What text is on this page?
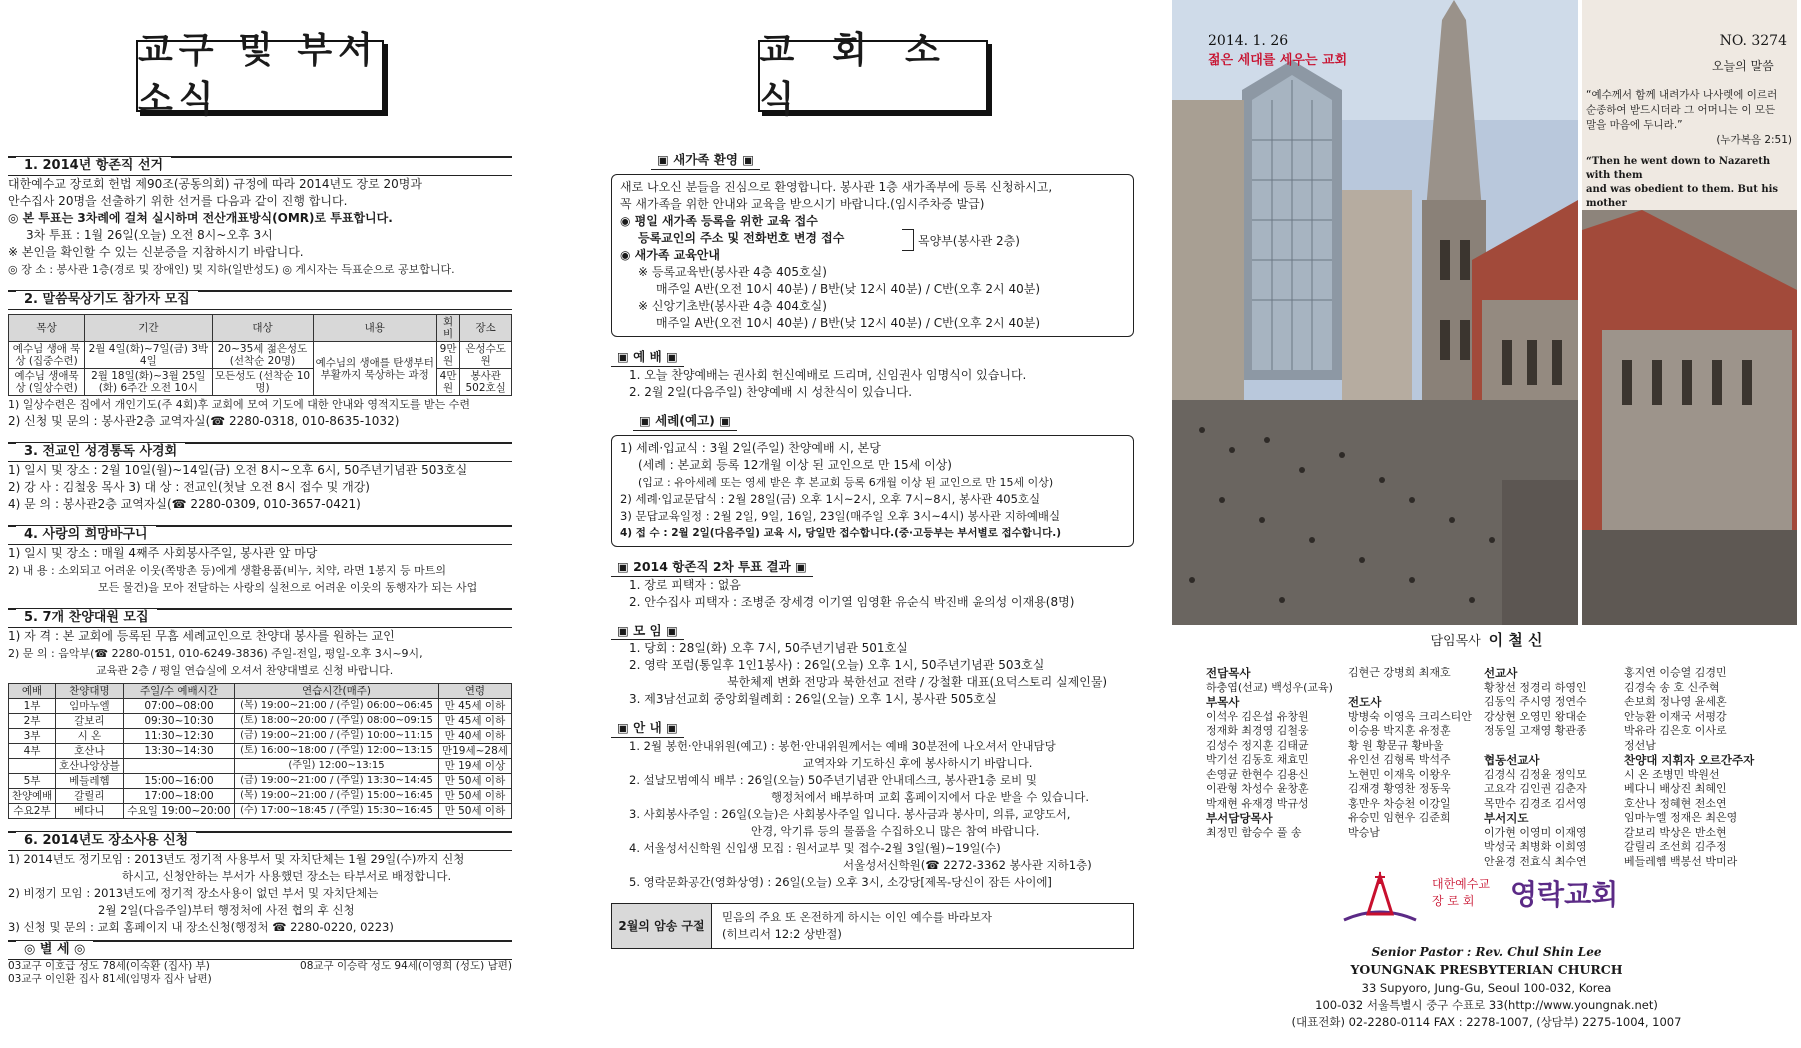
교구 및 부서소식
1. 2014년 항존직 선거
대한예수교 장로회 헌법 제90조(공동의회) 규정에 따라 2014년도 장로 20명과
안수집사 20명을 선출하기 위한 선거를 다음과 같이 진행 합니다.
◎ 본 투표는 3차례에 걸쳐 실시하며 전산개표방식(OMR)로 투표합니다.
3차 투표 : 1월 26일(오늘) 오전 8시~오후 3시
※ 본인을 확인할 수 있는 신분증을 지참하시기 바랍니다.
◎ 장 소 : 봉사관 1층(경로 및 장애인) 및 지하(일반성도) ◎ 게시자는 득표순으로 공보합니다.
2. 말씀묵상기도 참가자 모집
목상	기간	대상	내용	회비	장소
예수님 생애 묵상 (집중수련)	2월 4일(화)~7일(금) 3박 4일	20~35세 젊은성도 (선착순 20명)	예수님의 생애를 탄생부터 부활까지 묵상하는 과정	9만원	은성수도원
예수님 생애묵상 (일상수련)	2월 18일(화)~3월 25일(화) 6주간 오전 10시	모든성도 (선착순 10명)		4만원	봉사관 502호실
1) 일상수련은 집에서 개인기도(주 4회)후 교회에 모여 기도에 대한 안내와 영적지도를 받는 수련
2) 신청 및 문의 : 봉사관2층 교역자실(☎ 2280-0318, 010-8635-1032)
3. 전교인 성경통독 사경회
1) 일시 및 장소 : 2월 10일(월)~14일(금) 오전 8시~오후 6시, 50주년기념관 503호실
2) 강 사 : 김철웅 목사 3) 대 상 : 전교인(첫날 오전 8시 접수 및 개강)
4) 문 의 : 봉사관2층 교역자실(☎ 2280-0309, 010-3657-0421)
4. 사랑의 희망바구니
1) 일시 및 장소 : 매월 4째주 사회봉사주일, 봉사관 앞 마당
2) 내 용 : 소외되고 어려운 이웃(쪽방촌 등)에게 생활용품(비누, 치약, 라면 1봉지 등 마트의
모든 물건)을 모아 전달하는 사랑의 실천으로 어려운 이웃의 동행자가 되는 사업
5. 7개 찬양대원 모집
1) 자 격 : 본 교회에 등록된 무흠 세례교인으로 찬양대 봉사를 원하는 교인
2) 문 의 : 음악부(☎ 2280-0151, 010-6249-3836) 주일-전일, 평일-오후 3시~9시,
교육관 2층 / 평일 연습실에 오셔서 찬양대별로 신청 바랍니다.
예배	찬양대명	주일/수 예배시간	연습시간(매주)	연령
1부	임마누엘	07:00~08:00	(목) 19:00~21:00 / (주일) 06:00~06:45	만 45세 이하
2부	갈보리	09:30~10:30	(토) 18:00~20:00 / (주일) 08:00~09:15	만 45세 이하
3부	시 온	11:30~12:30	(금) 19:00~21:00 / (주일) 10:00~11:15	만 40세 이하
4부	호산나	13:30~14:30	(토) 16:00~18:00 / (주일) 12:00~13:15	만19세~28세
	호산나앙상블		(주일) 12:00~13:15	만 19세 이상
5부	베들레헴	15:00~16:00	(금) 19:00~21:00 / (주일) 13:30~14:45	만 50세 이하
찬양예배	갈릴리	17:00~18:00	(목) 19:00~21:00 / (주일) 15:00~16:45	만 50세 이하
수요2부	베다니	수요일 19:00~20:00	(수) 17:00~18:45 / (주일) 15:30~16:45	만 50세 이하
6. 2014년도 장소사용 신청
1) 2014년도 정기모임 : 2013년도 정기적 사용부서 및 자치단체는 1월 29일(수)까지 신청
하시고, 신청안하는 부서가 사용했던 장소는 타부서로 배정합니다.
2) 비정기 모임 : 2013년도에 정기적 장소사용이 없던 부서 및 자치단체는
2월 2일(다음주일)부터 행정처에 사전 협의 후 신청
3) 신청 및 문의 : 교회 홈페이지 내 장소신청(행정처 ☎ 2280-0220, 0223)
◎ 별 세 ◎
03교구 이호급 성도 78세(이숙환 (집사) 부)
03교구 이인환 집사 81세(임명자 집사 남편)
08교구 이승락 성도 94세(이영희 (성도) 남편)
교회소식
▣ 새가족 환영 ▣
새로 나오신 분들을 진심으로 환영합니다. 봉사관 1층 새가족부에 등록 신청하시고,
꼭 새가족을 위한 안내와 교육을 받으시기 바랍니다.(임시주차증 발급)
◉ 평일 새가족 등록을 위한 교육 접수
등록교인의 주소 및 전화번호 변경 접수
◉ 새가족 교육안내
※ 등록교육반(봉사관 4층 405호실)
매주일 A반(오전 10시 40분) / B반(낮 12시 40분) / C반(오후 2시 40분)
※ 신앙기초반(봉사관 4층 404호실)
매주일 A반(오전 10시 40분) / B반(낮 12시 40분) / C반(오후 2시 40분)
목양부(봉사관 2층)
▣ 예 배 ▣
1. 오늘 찬양예배는 권사회 헌신예배로 드리며, 신임권사 임명식이 있습니다.
2. 2월 2일(다음주일) 찬양예배 시 성찬식이 있습니다.
▣ 세례(예고) ▣
1) 세례·입교식 : 3월 2일(주일) 찬양예배 시, 본당
(세례 : 본교회 등록 12개월 이상 된 교인으로 만 15세 이상)
(입교 : 유아세례 또는 영세 받은 후 본교회 등록 6개월 이상 된 교인으로 만 15세 이상)
2) 세례·입교문답식 : 2월 28일(금) 오후 1시~2시, 오후 7시~8시, 봉사관 405호실
3) 문답교육일정 : 2월 2일, 9일, 16일, 23일(매주일 오후 3시~4시) 봉사관 지하예배실
4) 접 수 : 2월 2일(다음주일) 교육 시, 당일만 접수합니다.(중·고등부는 부서별로 접수합니다.)
▣ 2014 항존직 2차 투표 결과 ▣
1. 장로 피택자 : 없음
2. 안수집사 피택자 : 조병준 장세경 이기열 임영환 유순식 박진배 윤의성 이재용(8명)
▣ 모 임 ▣
1. 당회 : 28일(화) 오후 7시, 50주년기념관 501호실
2. 영락 포럼(통일후 1인1봉사) : 26일(오늘) 오후 1시, 50주년기념관 503호실
북한체제 변화 전망과 북한선교 전략 / 강철환 대표(요덕스토리 실제인물)
3. 제3남선교회 중앙회월례회 : 26일(오늘) 오후 1시, 봉사관 505호실
▣ 안 내 ▣
1. 2월 봉헌·안내위원(예고) : 봉헌·안내위원께서는 예배 30분전에 나오셔서 안내담당
교역자와 기도하신 후에 봉사하시기 바랍니다.
2. 설날모범예식 배부 : 26일(오늘) 50주년기념관 안내데스크, 봉사관1층 로비 및
행정처에서 배부하며 교회 홈페이지에서 다운 받을 수 있습니다.
3. 사회봉사주일 : 26일(오늘)은 사회봉사주일 입니다. 봉사금과 봉사미, 의류, 교양도서,
안경, 악기류 등의 물품을 수집하오니 많은 참여 바랍니다.
4. 서울성서신학원 신입생 모집 : 원서교부 및 접수-2월 3일(월)~19일(수)
서울성서신학원(☎ 2272-3362 봉사관 지하1층)
5. 영락문화공간(영화상영) : 26일(오늘) 오후 3시, 소강당[제목-당신이 잠든 사이에]
2월의 암송 구절
믿음의 주요 또 온전하게 하시는 이인 예수를 바라보자
(히브리서 12:2 상반절)
2014. 1. 26
젊은 세대를 세우는 교회
NO. 3274
오늘의 말씀
“예수께서 함께 내려가사 나사렛에 이르러
순종하여 받드시더라 그 어머니는 이 모든
말을 마음에 두니라.”
(누가복음 2:51)
“Then he went down to Nazareth with them
and was obedient to them. But his mother
담임목사 이 철 신
전담목사
하충엽(선교) 백성우(교육)
부목사
이석우 김은섭 유창원
정재화 최경영 김철웅
김성수 정지훈 김태균
박기선 김동호 채효민
손영균 한현수 김용신
이관형 차성수 윤창훈
박재현 유재경 박규성
부서담당목사
최정민 함승수 풀 송
김현근 강병희 최재호

전도사
방병숙 이영옥 크리스티안
이승용 박지훈 유정훈
황 원 황문규 황바울
유인선 김형록 박석주
노현민 이재욱 이왕우
김재경 황영찬 정동욱
홍만우 차승천 이강일
유승민 임현우 김준희
박승남
선교사
황창선 정경리 하영인
김동익 주시영 정연수
강상현 오영민 왕대순
정동일 고재영 황관종

협동선교사
김경식 김정윤 정익모
고요각 김인권 김춘자
목만수 김경조 김서영
부서지도
이가현 이영미 이재영
박성국 최병화 이희영
안윤경 전효식 최수연
홍지연 이승열 김경민
김경숙 송 호 신주혁
손보희 정나영 윤세혼
안능환 이재국 서평강
박유라 김은호 이사로
정선남
찬양대 지휘자 오르간주자
시 온 조병민 박원선
베다니 배상진 최혜인
호산나 정혜현 전소연
임마누엘 정재은 최은영
갈보리 박상은 반소현
갈릴리 조선희 김주정
베들레헴 백봉선 박미라
대한예수교
장 로 회	영락교회
Senior Pastor : Rev. Chul Shin Lee
YOUNGNAK PRESBYTERIAN CHURCH
33 Supyoro, Jung-Gu, Seoul 100-032, Korea
100-032 서울특별시 중구 수표로 33(http://www.youngnak.net)
(대표전화) 02-2280-0114 FAX : 2278-1007, (상담부) 2275-1004, 1007
